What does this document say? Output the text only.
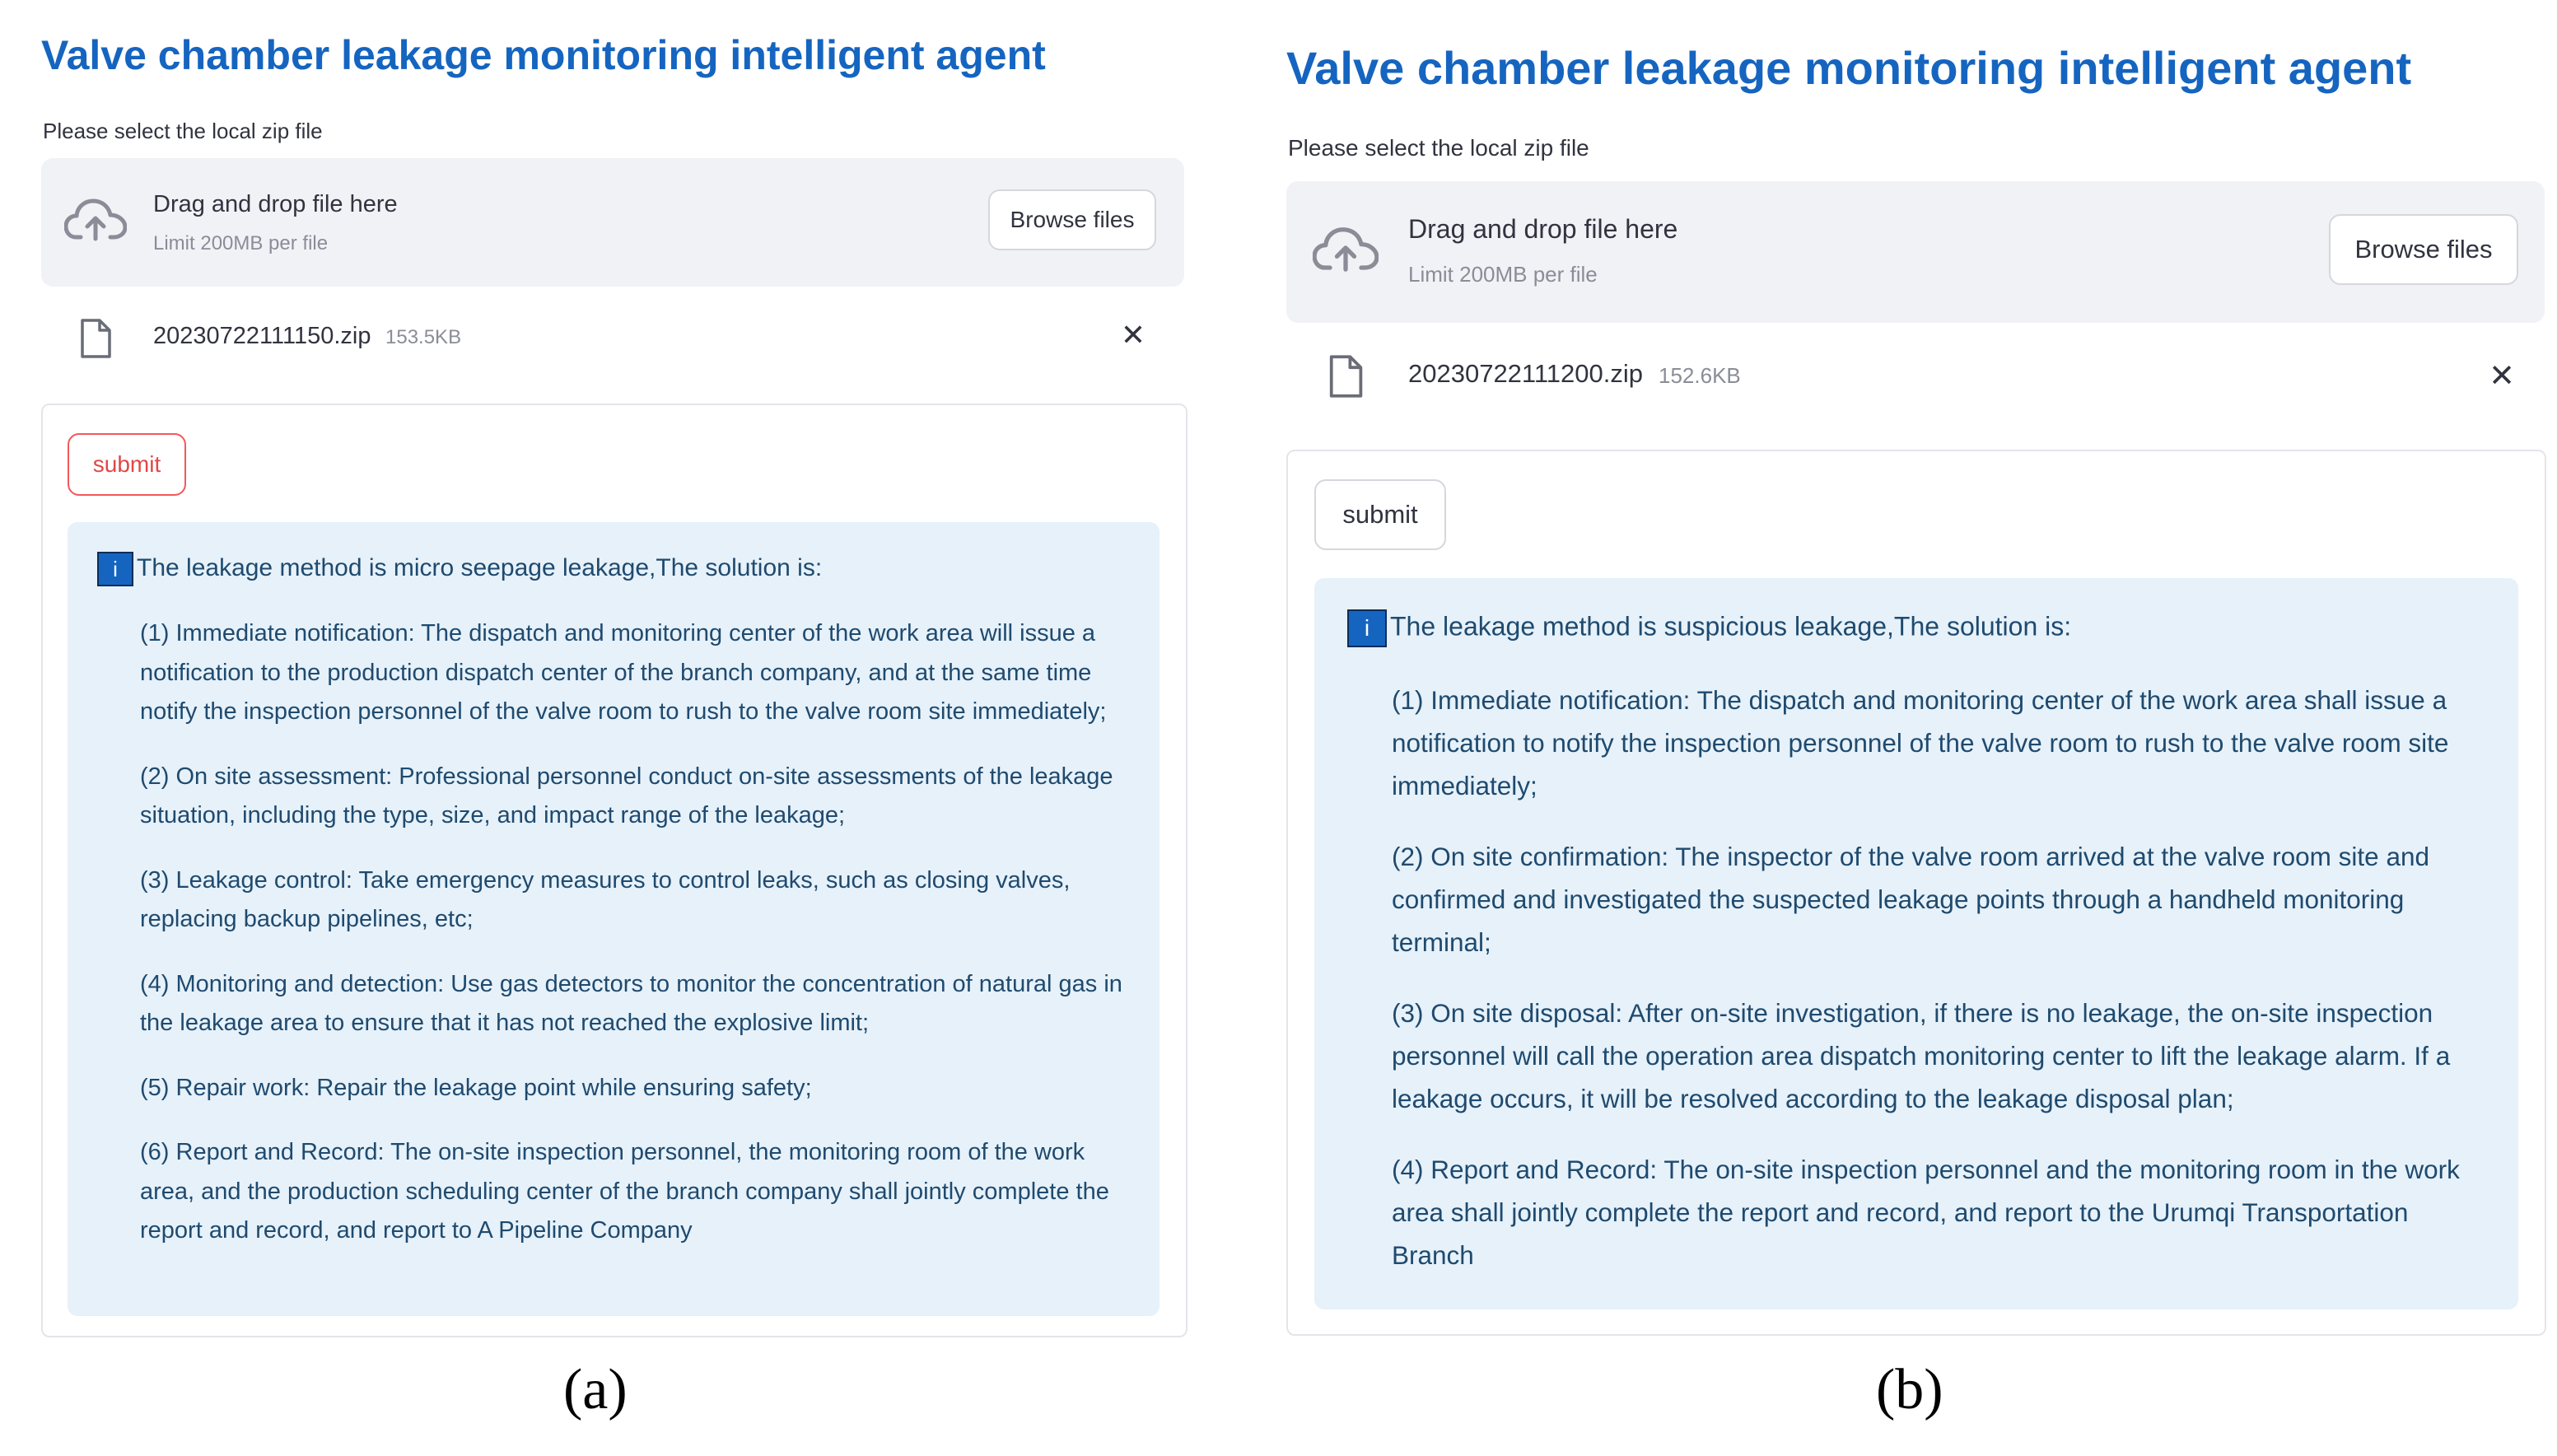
Valve chamber leakage monitoring intelligent agent
Please select the local zip file
Drag and drop file here
Limit 200MB per file
Browse files
20230722111150.zip 153.5KB	✕
submit
i The leakage method is micro seepage leakage,The solution is:

(1) Immediate notification: The dispatch and monitoring center of the work area will issue a notification to the production dispatch center of the branch company, and at the same time notify the inspection personnel of the valve room to rush to the valve room site immediately;

(2) On site assessment: Professional personnel conduct on-site assessments of the leakage situation, including the type, size, and impact range of the leakage;

(3) Leakage control: Take emergency measures to control leaks, such as closing valves, replacing backup pipelines, etc;

(4) Monitoring and detection: Use gas detectors to monitor the concentration of natural gas in the leakage area to ensure that it has not reached the explosive limit;

(5) Repair work: Repair the leakage point while ensuring safety;

(6) Report and Record: The on-site inspection personnel, the monitoring room of the work area, and the production scheduling center of the branch company shall jointly complete the report and record, and report to A Pipeline Company

(a)
Valve chamber leakage monitoring intelligent agent
Please select the local zip file
Drag and drop file here
Limit 200MB per file
Browse files
20230722111200.zip 152.6KB	✕
submit
i The leakage method is suspicious leakage,The solution is:

(1) Immediate notification: The dispatch and monitoring center of the work area shall issue a notification to notify the inspection personnel of the valve room to rush to the valve room site immediately;

(2) On site confirmation: The inspector of the valve room arrived at the valve room site and confirmed and investigated the suspected leakage points through a handheld monitoring terminal;

(3) On site disposal: After on-site investigation, if there is no leakage, the on-site inspection personnel will call the operation area dispatch monitoring center to lift the leakage alarm. If a leakage occurs, it will be resolved according to the leakage disposal plan;

(4) Report and Record: The on-site inspection personnel and the monitoring room in the work area shall jointly complete the report and record, and report to the Urumqi Transportation Branch

(b)
